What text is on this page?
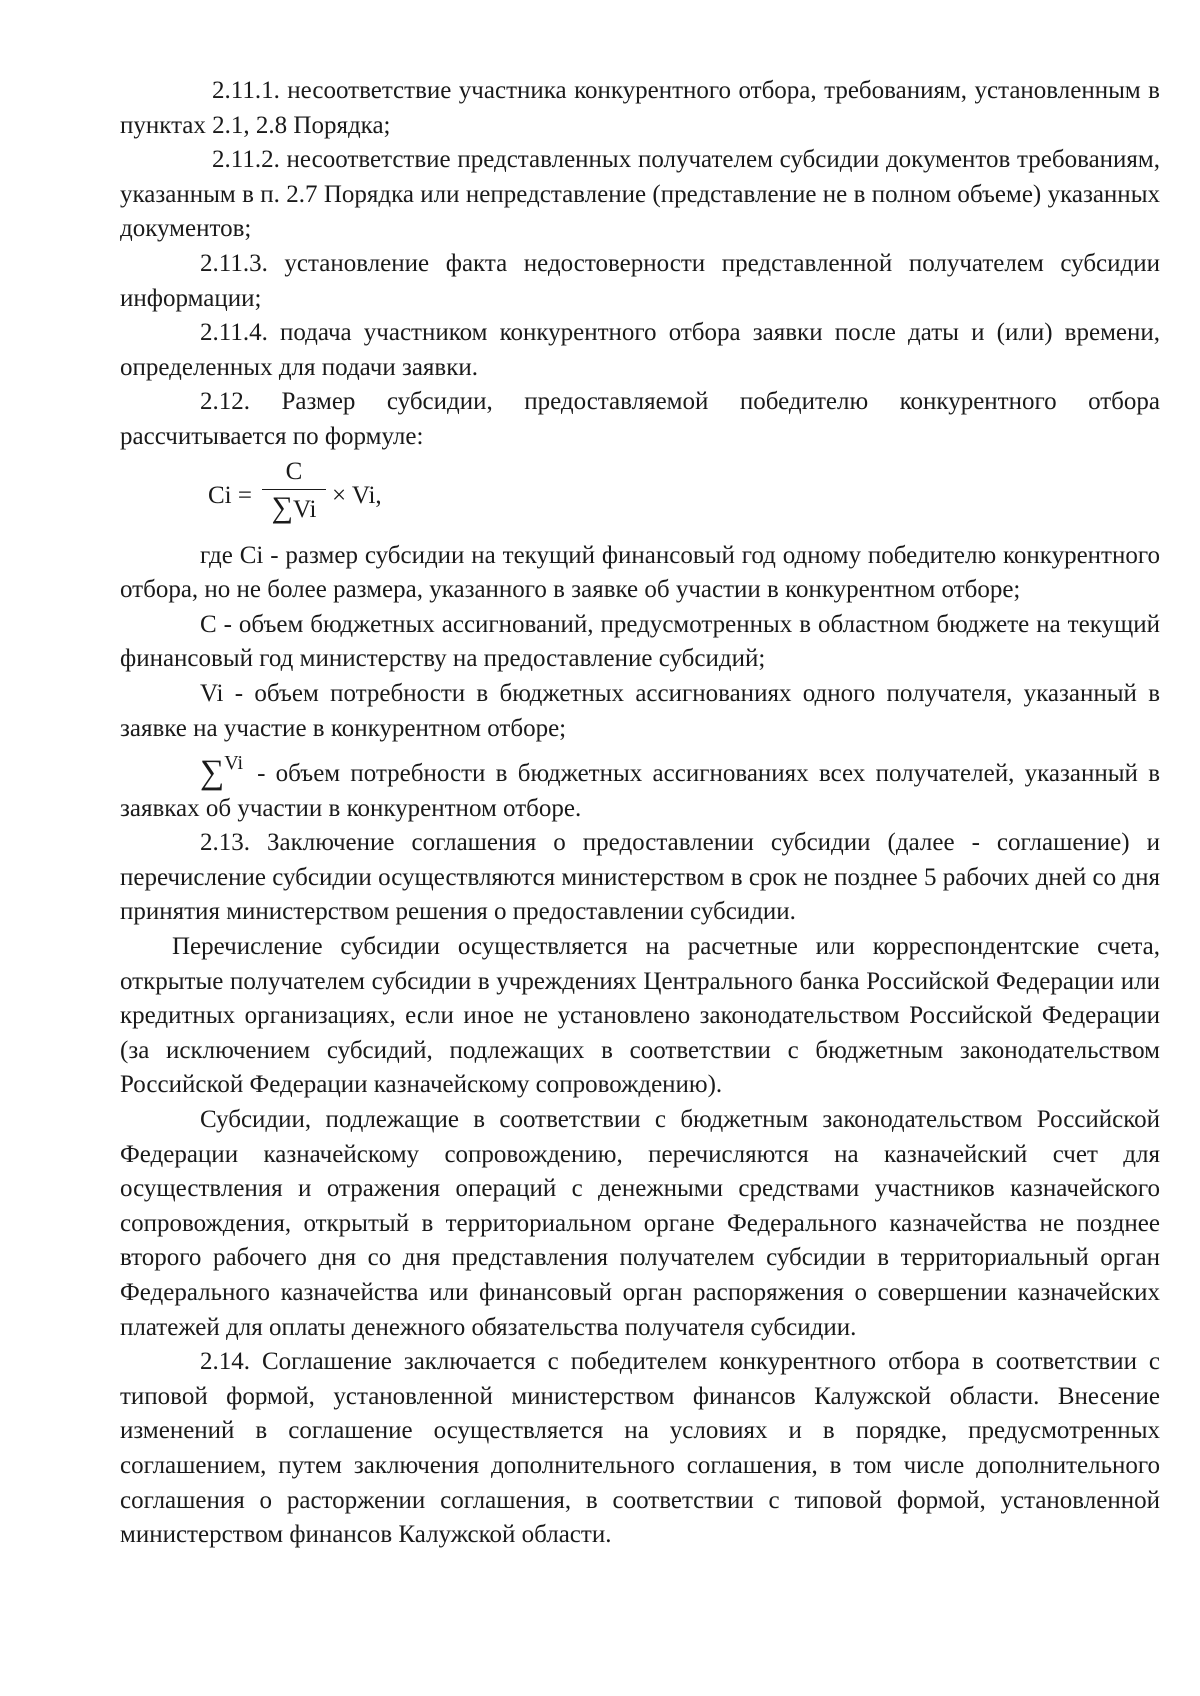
2.11.1. несоответствие участника конкурентного отбора, требованиям, установленным в пунктах 2.1, 2.8 Порядка;

2.11.2. несоответствие представленных получателем субсидии документов требованиям, указанным в п. 2.7 Порядка или непредставление (представление не в полном объеме) указанных документов;

2.11.3. установление факта недостоверности представленной получателем субсидии информации;

2.11.4. подача участником конкурентного отбора заявки после даты и (или) времени, определенных для подачи заявки.

2.12. Размер субсидии, предоставляемой победителю конкурентного отбора рассчитывается по формуле:

Ci =
C
∑Vi
× Vi,

где Ci - размер субсидии на текущий финансовый год одному победителю конкурентного отбора, но не более размера, указанного в заявке об участии в конкурентном отборе;

C - объем бюджетных ассигнований, предусмотренных в областном бюджете на текущий финансовый год министерству на предоставление субсидий;

Vi - объем потребности в бюджетных ассигнованиях одного получателя, указанный в заявке на участие в конкурентном отборе;

∑$^{Vi}$ - объем потребности в бюджетных ассигнованиях всех получателей, указанный в заявках об участии в конкурентном отборе.

2.13. Заключение соглашения о предоставлении субсидии (далее - соглашение) и перечисление субсидии осуществляются министерством в срок не позднее 5 рабочих дней со дня принятия министерством решения о предоставлении субсидии.

Перечисление субсидии осуществляется на расчетные или корреспондентские счета, открытые получателем субсидии в учреждениях Центрального банка Российской Федерации или кредитных организациях, если иное не установлено законодательством Российской Федерации (за исключением субсидий, подлежащих в соответствии с бюджетным законодательством Российской Федерации казначейскому сопровождению).

Субсидии, подлежащие в соответствии с бюджетным законодательством Российской Федерации казначейскому сопровождению, перечисляются на казначейский счет для осуществления и отражения операций с денежными средствами участников казначейского сопровождения, открытый в территориальном органе Федерального казначейства не позднее второго рабочего дня со дня представления получателем субсидии в территориальный орган Федерального казначейства или финансовый орган распоряжения о совершении казначейских платежей для оплаты денежного обязательства получателя субсидии.

2.14. Соглашение заключается с победителем конкурентного отбора в соответствии с типовой формой, установленной министерством финансов Калужской области. Внесение изменений в соглашение осуществляется на условиях и в порядке, предусмотренных соглашением, путем заключения дополнительного соглашения, в том числе дополнительного соглашения о расторжении соглашения, в соответствии с типовой формой, установленной министерством финансов Калужской области.
